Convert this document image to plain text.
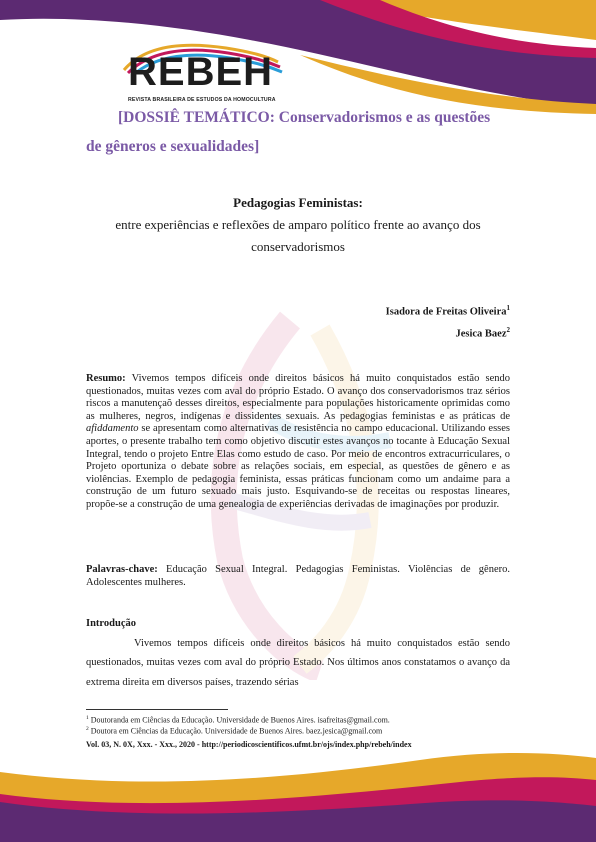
REBEH
REVISTA BRASILEIRA DE ESTUDOS DA HOMOCULTURA
[DOSSIÊ TEMÁTICO: Conservadorismos e as questões
de gêneros e sexualidades]
Pedagogias Feministas:
entre experiências e reflexões de amparo político frente ao avanço dos
conservadorismos
Isadora de Freitas Oliveira$^1$
Jesica Baez$^2$
Resumo: Vivemos tempos difíceis onde direitos básicos há muito conquistados estão sendo questionados, muitas vezes com aval do próprio Estado. O avanço dos conservadorismos traz sérios riscos a manutençaõ desses direitos, especialmente para populações historicamente oprimidas como as mulheres, negros, indígenas e dissidentes sexuais. As pedagogias feministas e as práticas de afiddamento se apresentam como alternativas de resistência no campo educacional. Utilizando esses aportes, o presente trabalho tem como objetivo discutir estes avanços no tocante à Educação Sexual Integral, tendo o projeto Entre Elas como estudo de caso. Por meio de encontros extracurriculares, o Projeto oportuniza o debate sobre as relações sociais, em especial, as questões de gênero e as violências. Exemplo de pedagogia feminista, essas práticas funcionam como um andaime para a construção de um futuro sexuado mais justo. Esquivando-se de receitas ou respostas lineares, propõe-se a construção de uma genealogia de experiências derivadas de imaginações por produzir.
Palavras-chave: Educação Sexual Integral. Pedagogias Feministas. Violências de gênero. Adolescentes mulheres.
Introdução
Vivemos tempos difíceis onde direitos básicos há muito conquistados estão sendo questionados, muitas vezes com aval do próprio Estado. Nos últimos anos constatamos o avanço da extrema direita em diversos países, trazendo sérias
$^1$ Doutoranda em Ciências da Educação. Universidade de Buenos Aires. isafreitas@gmail.com.
$^2$ Doutora em Ciências da Educação. Universidade de Buenos Aires. baez.jesica@gmail.com
Vol. 03, N. 0X, Xxx. - Xxx., 2020 - http://periodicoscientificos.ufmt.br/ojs/index.php/rebeh/index
